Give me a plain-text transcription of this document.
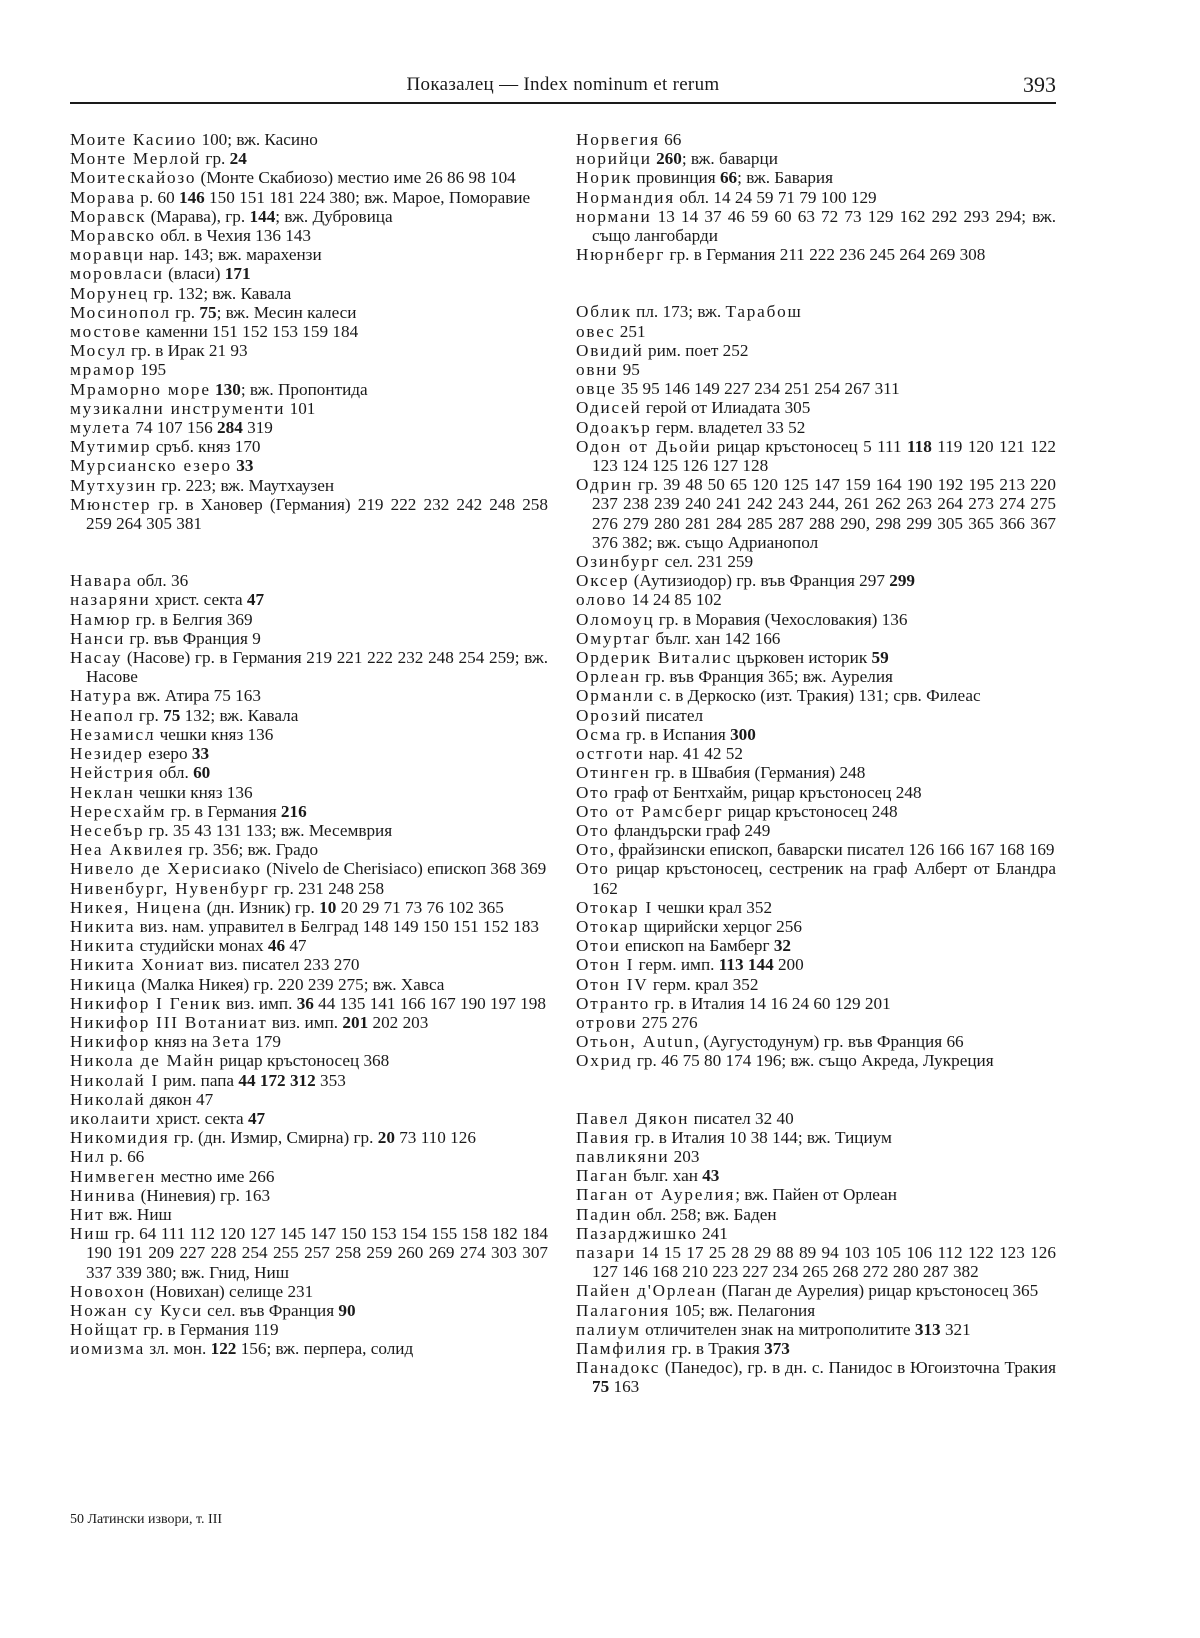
Показалец — Index nominum et rerum	393
Моите Касиио 100; вж. Касино
Монте Мерлой гр. 24
Моитескайозо (Монте Скабиозо) местио име 26 86 98 104
Морава р. 60 146 150 151 181 224 380; вж. Марое, Поморавие
Моравск (Марава), гр. 144; вж. Дубровица
Моравско обл. в Чехия 136 143
моравци нар. 143; вж. марахензи
моровласи (власи) 171
Морунец гр. 132; вж. Кавала
Мосинопол гр. 75; вж. Месин калеси
мостове каменни 151 152 153 159 184
Мосул гр. в Ирак 21 93
мрамор 195
Мраморно море 130; вж. Пропонтида
музикални инструменти 101
мулета 74 107 156 284 319
Мутимир сръб. княз 170
Мурсианско езеро 33
Мутхузин гр. 223; вж. Маутхаузен
Мюнстер гр. в Хановер (Германия) 219 222 232 242 248 258 259 264 305 381
Навара обл. 36
назаряни христ. секта 47
Намюр гр. в Белгия 369
Нанси гр. във Франция 9
Насау (Насове) гр. в Германия 219 221 222 232 248 254 259; вж. Насове
Натура вж. Атира 75 163
Неапол гр. 75 132; вж. Кавала
Незамисл чешки княз 136
Незидер езеро 33
Нейстрия обл. 60
Неклан чешки княз 136
Нересхайм гр. в Германия 216
Несебър гр. 35 43 131 133; вж. Месемврия
Неа Аквилея гр. 356; вж. Градо
Нивело де Херисиако (Nivelo de Cherisiaco) епископ 368 369
Нивенбург, Нувенбург гр. 231 248 258
Никея, Ницена (дн. Изник) гр. 10 20 29 71 73 76 102 365
Никита виз. нам. управител в Белград 148 149 150 151 152 183
Никита студийски монах 46 47
Никита Хониат виз. писател 233 270
Никица (Малка Никея) гр. 220 239 275; вж. Хавса
Никифор I Геник виз. имп. 36 44 135 141 166 167 190 197 198
Никифор III Вотаниат виз. имп. 201 202 203
Никифор княз на Зета 179
Никола де Майн рицар кръстоносец 368
Николай I рим. папа 44 172 312 353
Николай дякон 47
иколаити христ. секта 47
Никомидия гр. (дн. Измир, Смирна) гр. 20 73 110 126
Нил р. 66
Нимвеген местно име 266
Нинива (Ниневия) гр. 163
Нит вж. Ниш
Ниш гр. 64 111 112 120 127 145 147 150 153 154 155 158 182 184 190 191 209 227 228 254 255 257 258 259 260 269 274 303 307 337 339 380; вж. Гнид, Ниш
Новохон (Новихан) селище 231
Ножан су Куси сел. във Франция 90
Нойщат гр. в Германия 119
иомизма зл. мон. 122 156; вж. перпера, солид
Норвегия 66
норийци 260; вж. баварци
Норик провинция 66; вж. Бавария
Нормандия обл. 14 24 59 71 79 100 129
нормани 13 14 37 46 59 60 63 72 73 129 162 292 293 294; вж. също лангобарди
Нюрнберг гр. в Германия 211 222 236 245 264 269 308
Облик пл. 173; вж. Тарабош
овес 251
Овидий рим. поет 252
овни 95
овце 35 95 146 149 227 234 251 254 267 311
Одисей герой от Илиадата 305
Одоакър герм. владетел 33 52
Одон от Дьойи рицар кръстоносец 5 111 118 119 120 121 122 123 124 125 126 127 128
Одрин гр. 39 48 50 65 120 125 147 159 164 190 192 195 213 220 237 238 239 240 241 242 243 244, 261 262 263 264 273 274 275 276 279 280 281 284 285 287 288 290, 298 299 305 365 366 367 376 382; вж. също Адрианопол
Озинбург сел. 231 259
Оксер (Аутизиодор) гр. във Франция 297 299
олово 14 24 85 102
Оломоуц гр. в Моравия (Чехословакия) 136
Омуртаг бълг. хан 142 166
Ордерик Виталис църковен историк 59
Орлеан гр. във Франция 365; вж. Аурелия
Орманли с. в Деркоско (изт. Тракия) 131; срв. Филеас
Орозий писател
Осма гр. в Испания 300
остготи нар. 41 42 52
Отинген гр. в Швабия (Германия) 248
Ото граф от Бентхайм, рицар кръстоносец 248
Ото от Рамсберг рицар кръстоносец 248
Ото фландърски граф 249
Ото, фрайзински епископ, баварски писател 126 166 167 168 169
Ото рицар кръстоносец, сестреник на граф Алберт от Бландра 162
Отокар I чешки крал 352
Отокар щирийски херцог 256
Отои епископ на Бамберг 32
Отон I герм. имп. 113 144 200
Отон IV герм. крал 352
Отранто гр. в Италия 14 16 24 60 129 201
отрови 275 276
Отьон, Autun, (Аугустодунум) гр. във Франция 66
Охрид гр. 46 75 80 174 196; вж. също Акреда, Лукреция
Павел Дякон писател 32 40
Павия гр. в Италия 10 38 144; вж. Тициум
павликяни 203
Паган бълг. хан 43
Паган от Аурелия; вж. Пайен от Орлеан
Падин обл. 258; вж. Баден
Пазарджишко 241
пазари 14 15 17 25 28 29 88 89 94 103 105 106 112 122 123 126 127 146 168 210 223 227 234 265 268 272 280 287 382
Пайен д'Орлеан (Паган де Аурелия) рицар кръстоносец 365
Палагония 105; вж. Пелагония
палиум отличителен знак на митрополитите 313 321
Памфилия гр. в Тракия 373
Панадокс (Панедос), гр. в дн. с. Панидос в Югоизточна Тракия 75 163
50 Латински извори, т. III
